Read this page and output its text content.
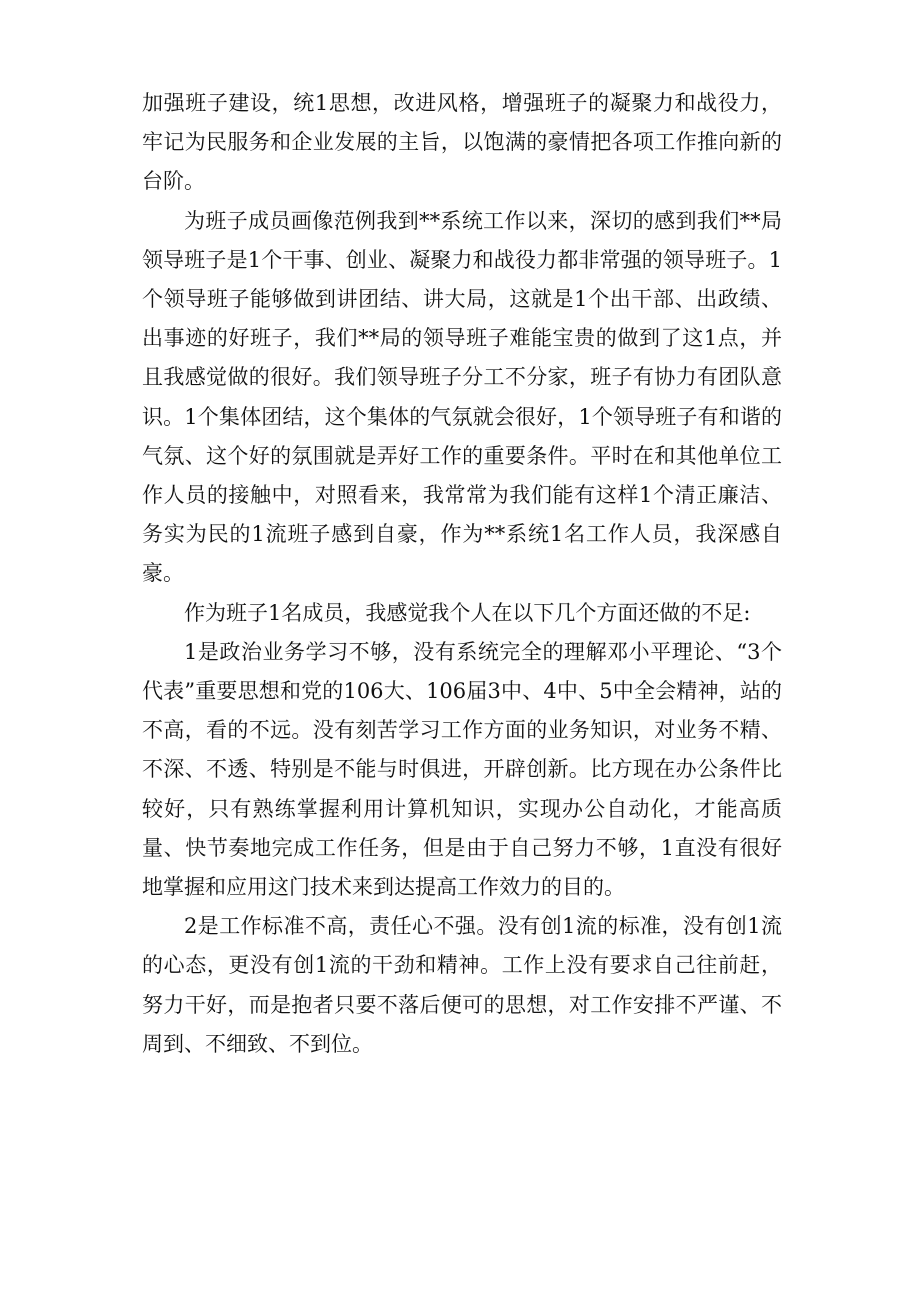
加强班子建设，统1思想，改进风格，增强班子的凝聚力和战役力，牢记为民服务和企业发展的主旨，以饱满的豪情把各项工作推向新的台阶。

为班子成员画像范例我到**系统工作以来，深切的感到我们**局领导班子是1个干事、创业、凝聚力和战役力都非常强的领导班子。1个领导班子能够做到讲团结、讲大局，这就是1个出干部、出政绩、出事迹的好班子，我们**局的领导班子难能宝贵的做到了这1点，并且我感觉做的很好。我们领导班子分工不分家，班子有协力有团队意识。1个集体团结，这个集体的气氛就会很好，1个领导班子有和谐的气氛、这个好的氛围就是弄好工作的重要条件。平时在和其他单位工作人员的接触中，对照看来，我常常为我们能有这样1个清正廉洁、务实为民的1流班子感到自豪，作为**系统1名工作人员，我深感自豪。

作为班子1名成员，我感觉我个人在以下几个方面还做的不足:

1是政治业务学习不够，没有系统完全的理解邓小平理论、“3个代表”重要思想和党的106大、106届3中、4中、5中全会精神，站的不高，看的不远。没有刻苦学习工作方面的业务知识，对业务不精、不深、不透、特别是不能与时俱进，开辟创新。比方现在办公条件比较好，只有熟练掌握利用计算机知识，实现办公自动化，才能高质量、快节奏地完成工作任务，但是由于自己努力不够，1直没有很好地掌握和应用这门技术来到达提高工作效力的目的。

2是工作标准不高，责任心不强。没有创1流的标准，没有创1流的心态，更没有创1流的干劲和精神。工作上没有要求自己往前赶，努力干好，而是抱者只要不落后便可的思想，对工作安排不严谨、不周到、不细致、不到位。
